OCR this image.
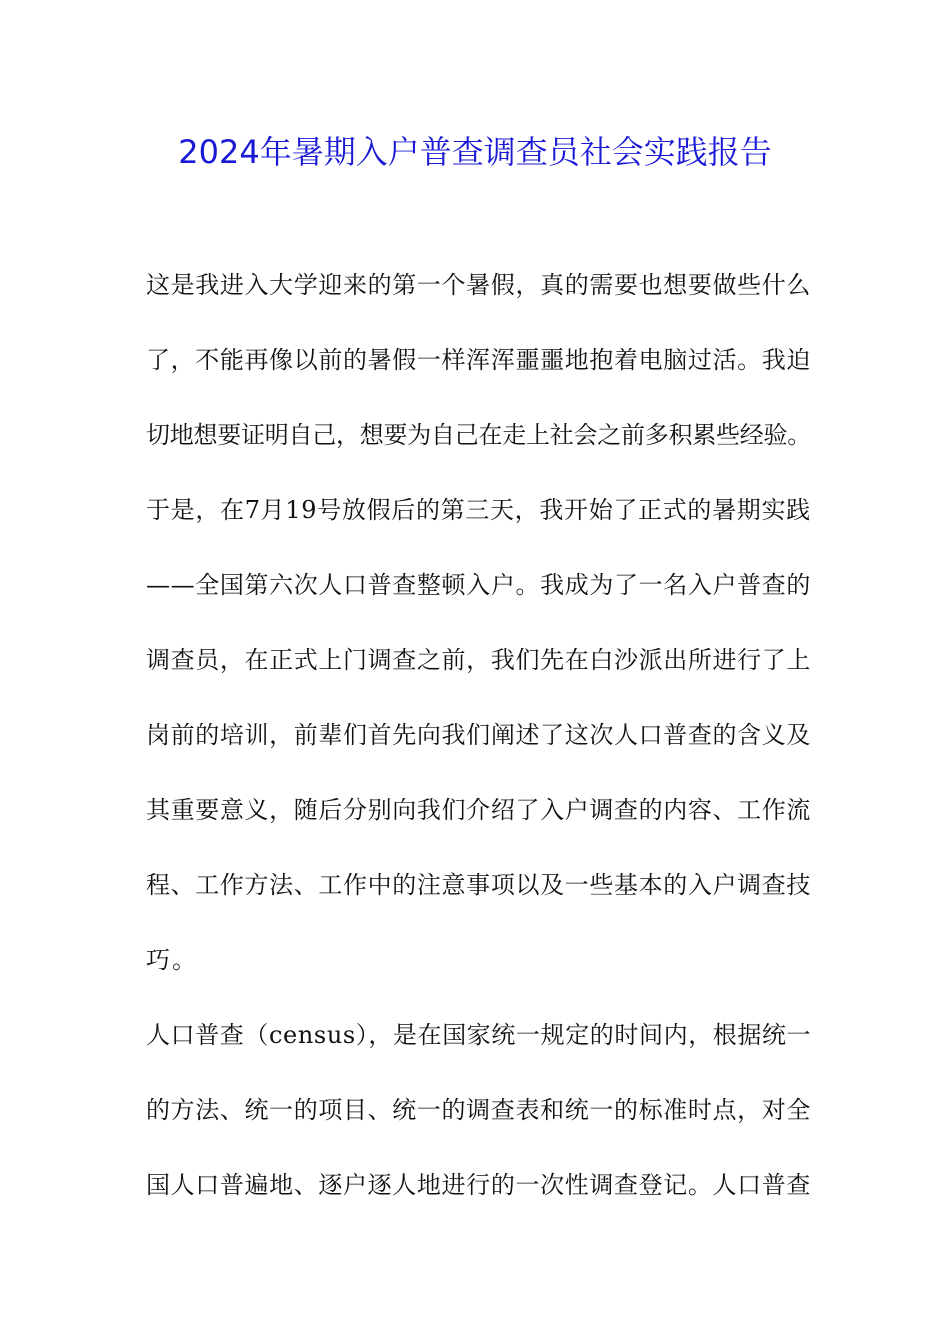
2024年暑期入户普查调查员社会实践报告

这是我进入大学迎来的第一个暑假，真的需要也想要做些什么

了，不能再像以前的暑假一样浑浑噩噩地抱着电脑过活。我迫

切地想要证明自己，想要为自己在走上社会之前多积累些经验。

于是，在7月19号放假后的第三天，我开始了正式的暑期实践

——全国第六次人口普查整顿入户。我成为了一名入户普查的

调查员，在正式上门调查之前，我们先在白沙派出所进行了上

岗前的培训，前辈们首先向我们阐述了这次人口普查的含义及

其重要意义，随后分别向我们介绍了入户调查的内容、工作流

程、工作方法、工作中的注意事项以及一些基本的入户调查技

巧。

人口普查（census），是在国家统一规定的时间内，根据统一

的方法、统一的项目、统一的调查表和统一的标准时点，对全

国人口普遍地、逐户逐人地进行的一次性调查登记。人口普查
